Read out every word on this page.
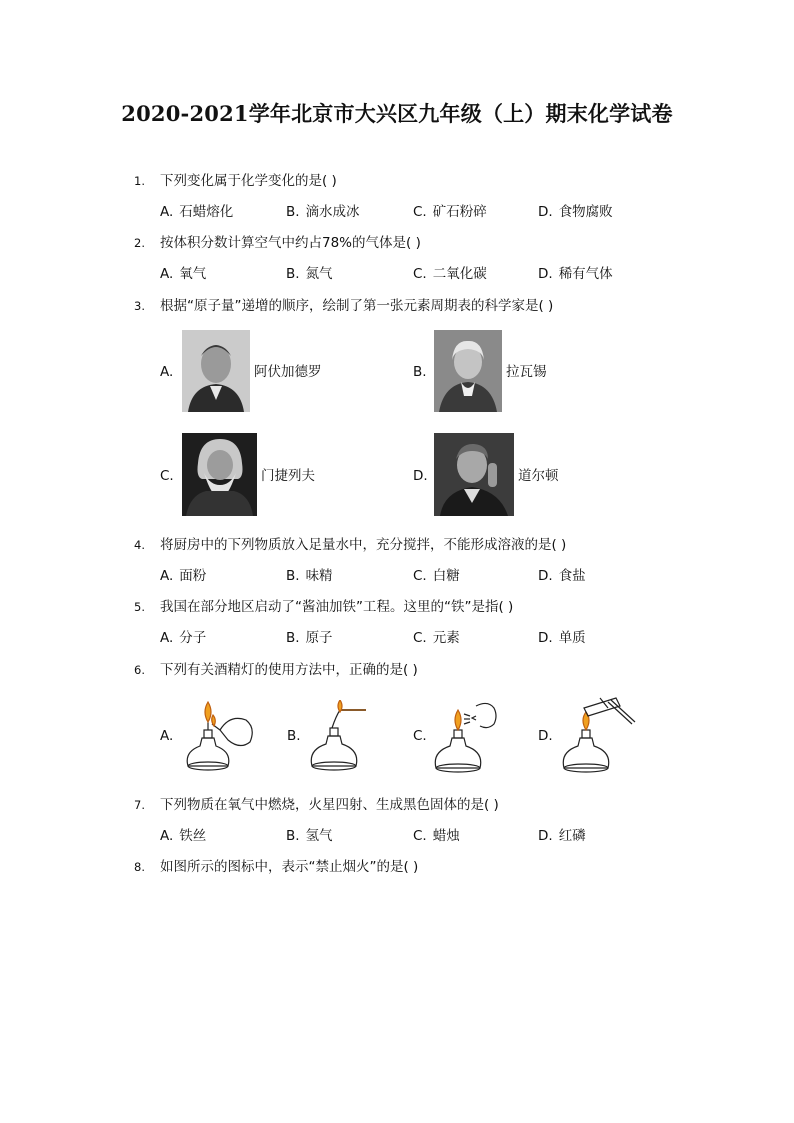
2020-2021学年北京市大兴区九年级（上）期末化学试卷
1. 下列变化属于化学变化的是( )
A. 石蜡熔化	B. 滴水成冰	C. 矿石粉碎	D. 食物腐败
2. 按体积分数计算空气中约占78%的气体是( )
A. 氧气	B. 氮气	C. 二氧化碳	D. 稀有气体
3. 根据“原子量”递增的顺序，绘制了第一张元素周期表的科学家是( )
A.	阿伏加德罗	B.	拉瓦锡
C.	门捷列夫	D.	道尔顿
4. 将厨房中的下列物质放入足量水中，充分搅拌，不能形成溶液的是( )
A. 面粉	B. 味精	C. 白糖	D. 食盐
5. 我国在部分地区启动了“酱油加铁”工程。这里的“铁”是指( )
A. 分子	B. 原子	C. 元素	D. 单质
6. 下列有关酒精灯的使用方法中，正确的是( )
A.	B.	C.	D.
7. 下列物质在氧气中燃烧，火星四射、生成黑色固体的是( )
A. 铁丝	B. 氢气	C. 蜡烛	D. 红磷
8. 如图所示的图标中，表示“禁止烟火”的是( )
